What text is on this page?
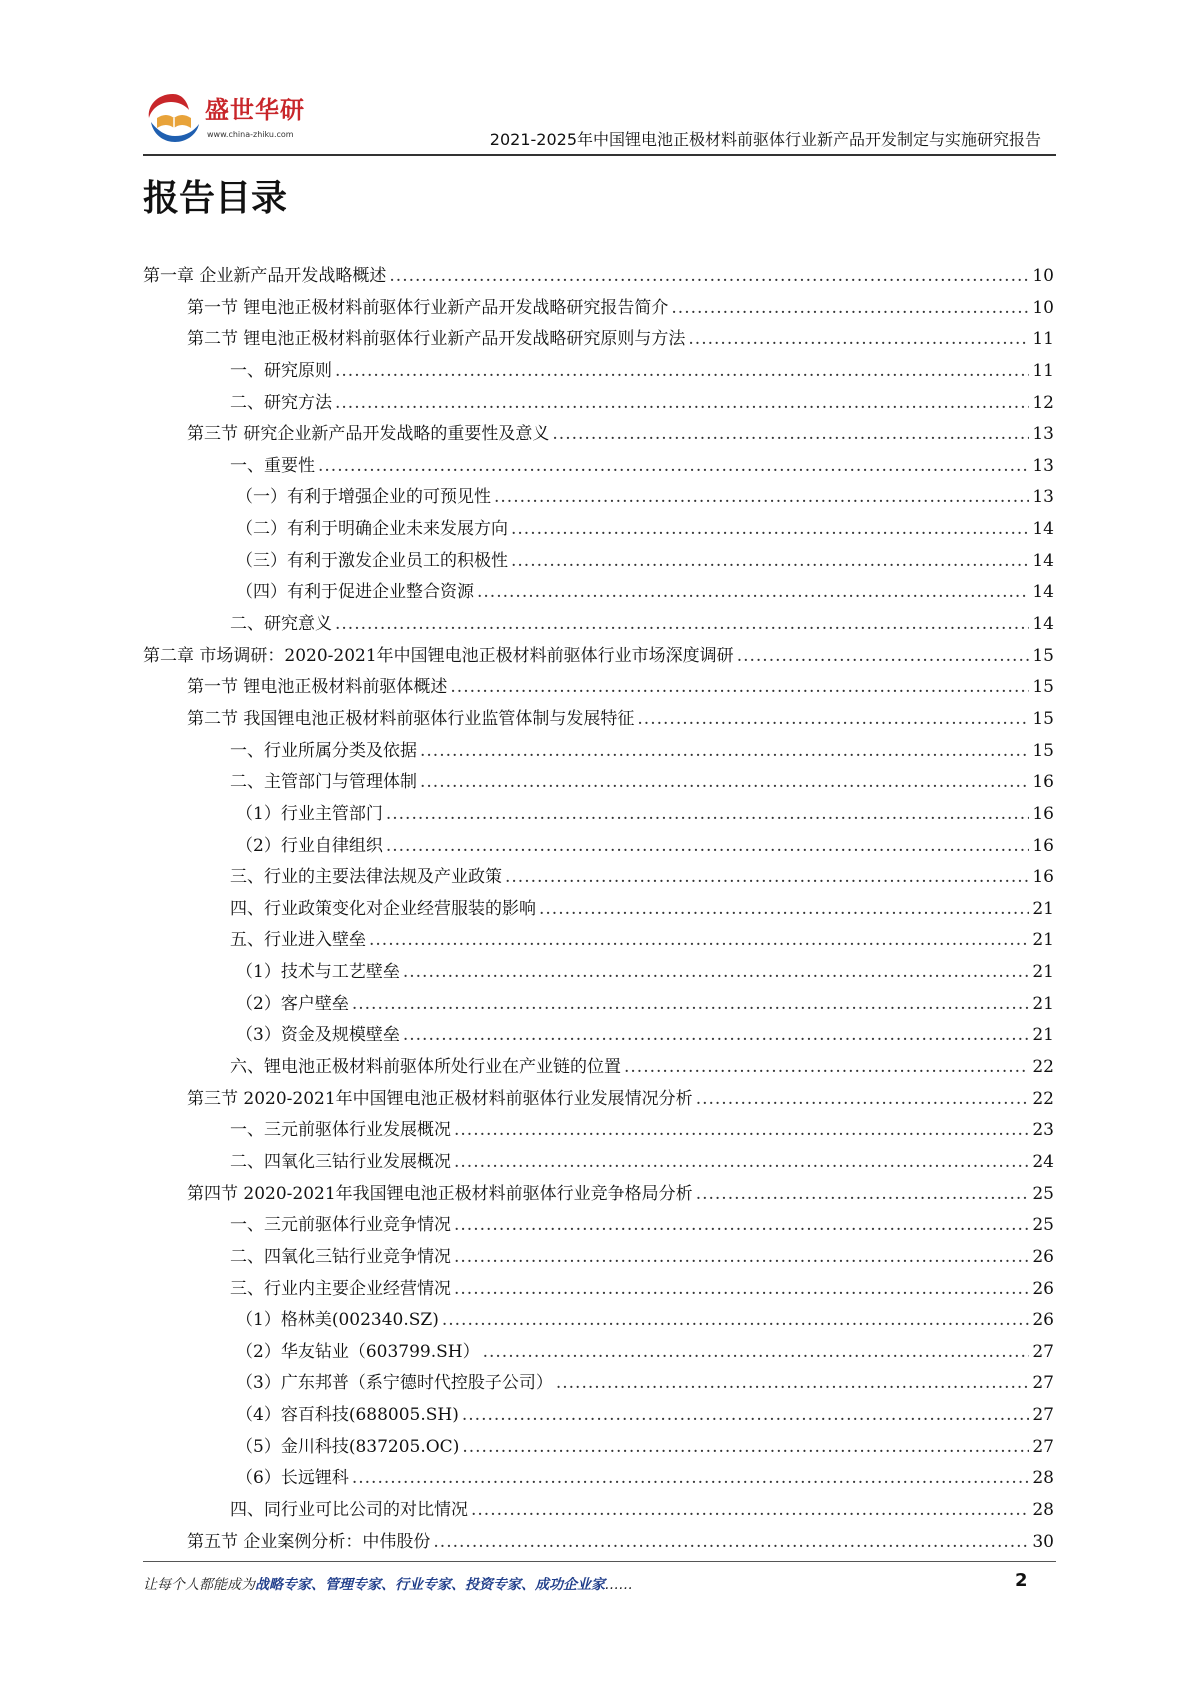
盛世华研
www.china-zhiku.com	2021-2025年中国锂电池正极材料前驱体行业新产品开发制定与实施研究报告
报告目录
第一章 企业新产品开发战略概述 .....	10
第一节 锂电池正极材料前驱体行业新产品开发战略研究报告简介 .....	10
第二节 锂电池正极材料前驱体行业新产品开发战略研究原则与方法 .....	11
一、研究原则 .....	11
二、研究方法 .....	12
第三节 研究企业新产品开发战略的重要性及意义 .....	13
一、重要性 .....	13
（一）有利于增强企业的可预见性 .....	13
（二）有利于明确企业未来发展方向 .....	14
（三）有利于激发企业员工的积极性 .....	14
（四）有利于促进企业整合资源 .....	14
二、研究意义 .....	14
第二章 市场调研：2020-2021年中国锂电池正极材料前驱体行业市场深度调研 .....	15
第一节 锂电池正极材料前驱体概述 .....	15
第二节 我国锂电池正极材料前驱体行业监管体制与发展特征 .....	15
一、行业所属分类及依据 .....	15
二、主管部门与管理体制 .....	16
（1）行业主管部门 .....	16
（2）行业自律组织 .....	16
三、行业的主要法律法规及产业政策 .....	16
四、行业政策变化对企业经营服装的影响 .....	21
五、行业进入壁垒 .....	21
（1）技术与工艺壁垒 .....	21
（2）客户壁垒 .....	21
（3）资金及规模壁垒 .....	21
六、锂电池正极材料前驱体所处行业在产业链的位置 .....	22
第三节 2020-2021年中国锂电池正极材料前驱体行业发展情况分析 .....	22
一、三元前驱体行业发展概况 .....	23
二、四氧化三钴行业发展概况 .....	24
第四节 2020-2021年我国锂电池正极材料前驱体行业竞争格局分析 .....	25
一、三元前驱体行业竞争情况 .....	25
二、四氧化三钴行业竞争情况 .....	26
三、行业内主要企业经营情况 .....	26
（1）格林美(002340.SZ) .....	26
（2）华友钻业（603799.SH） .....	27
（3）广东邦普（系宁德时代控股子公司） .....	27
（4）容百科技(688005.SH) .....	27
（5）金川科技(837205.OC) .....	27
（6）长远锂科 .....	28
四、同行业可比公司的对比情况 .....	28
第五节 企业案例分析：中伟股份 .....	30
让每个人都能成为战略专家、管理专家、行业专家、投资专家、成功企业家……	2
